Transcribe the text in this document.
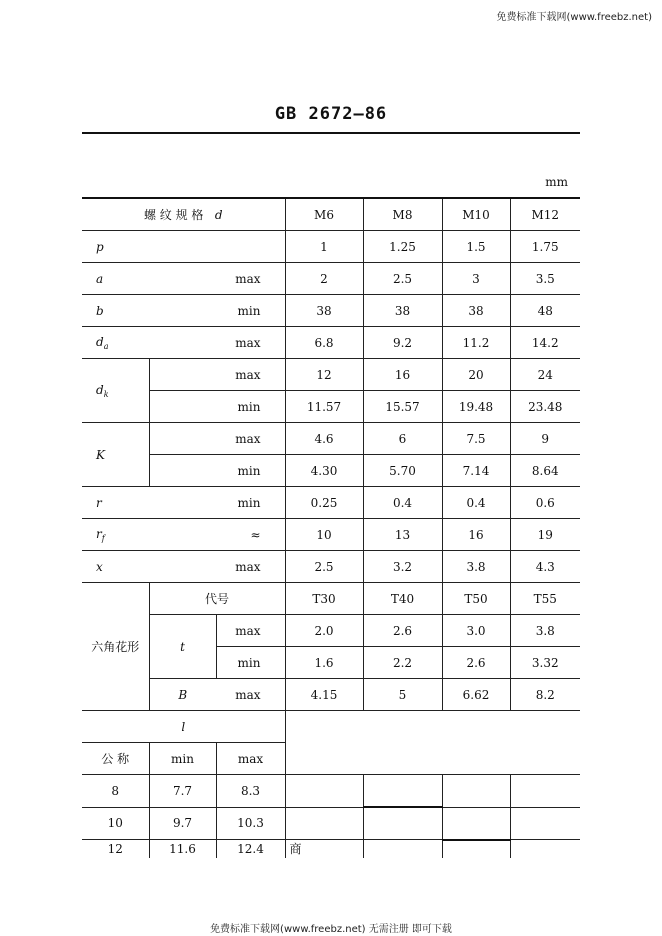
免费标准下载网(www.freebz.net)
GB 2672—86
mm
螺 纹 规 格 d			M6	M8	M10	M12
p			1	1.25	1.5	1.75
a		max	2	2.5	3	3.5
b		min	38	38	38	48
$d_a$		max	6.8	9.2	11.2	14.2
$d_k$	max		12	16	20	24
	min		11.57	15.57	19.48	23.48
K	max		4.6	6	7.5	9
	min		4.30	5.70	7.14	8.64
r		min	0.25	0.4	0.4	0.6
$r_f$		≈	10	13	16	19
x		max	2.5	3.2	3.8	4.3
六角花形	代号		T30	T40	T50	T55
	t	max	2.0	2.6	3.0	3.8
		min	1.6	2.2	2.6	3.32
	B	max	4.15	5	6.62	8.2
l						
公 称	min	max				
8	7.7	8.3				
10	9.7	10.3				
12	11.6	12.4	商			
免费标准下载网(www.freebz.net) 无需注册 即可下载
